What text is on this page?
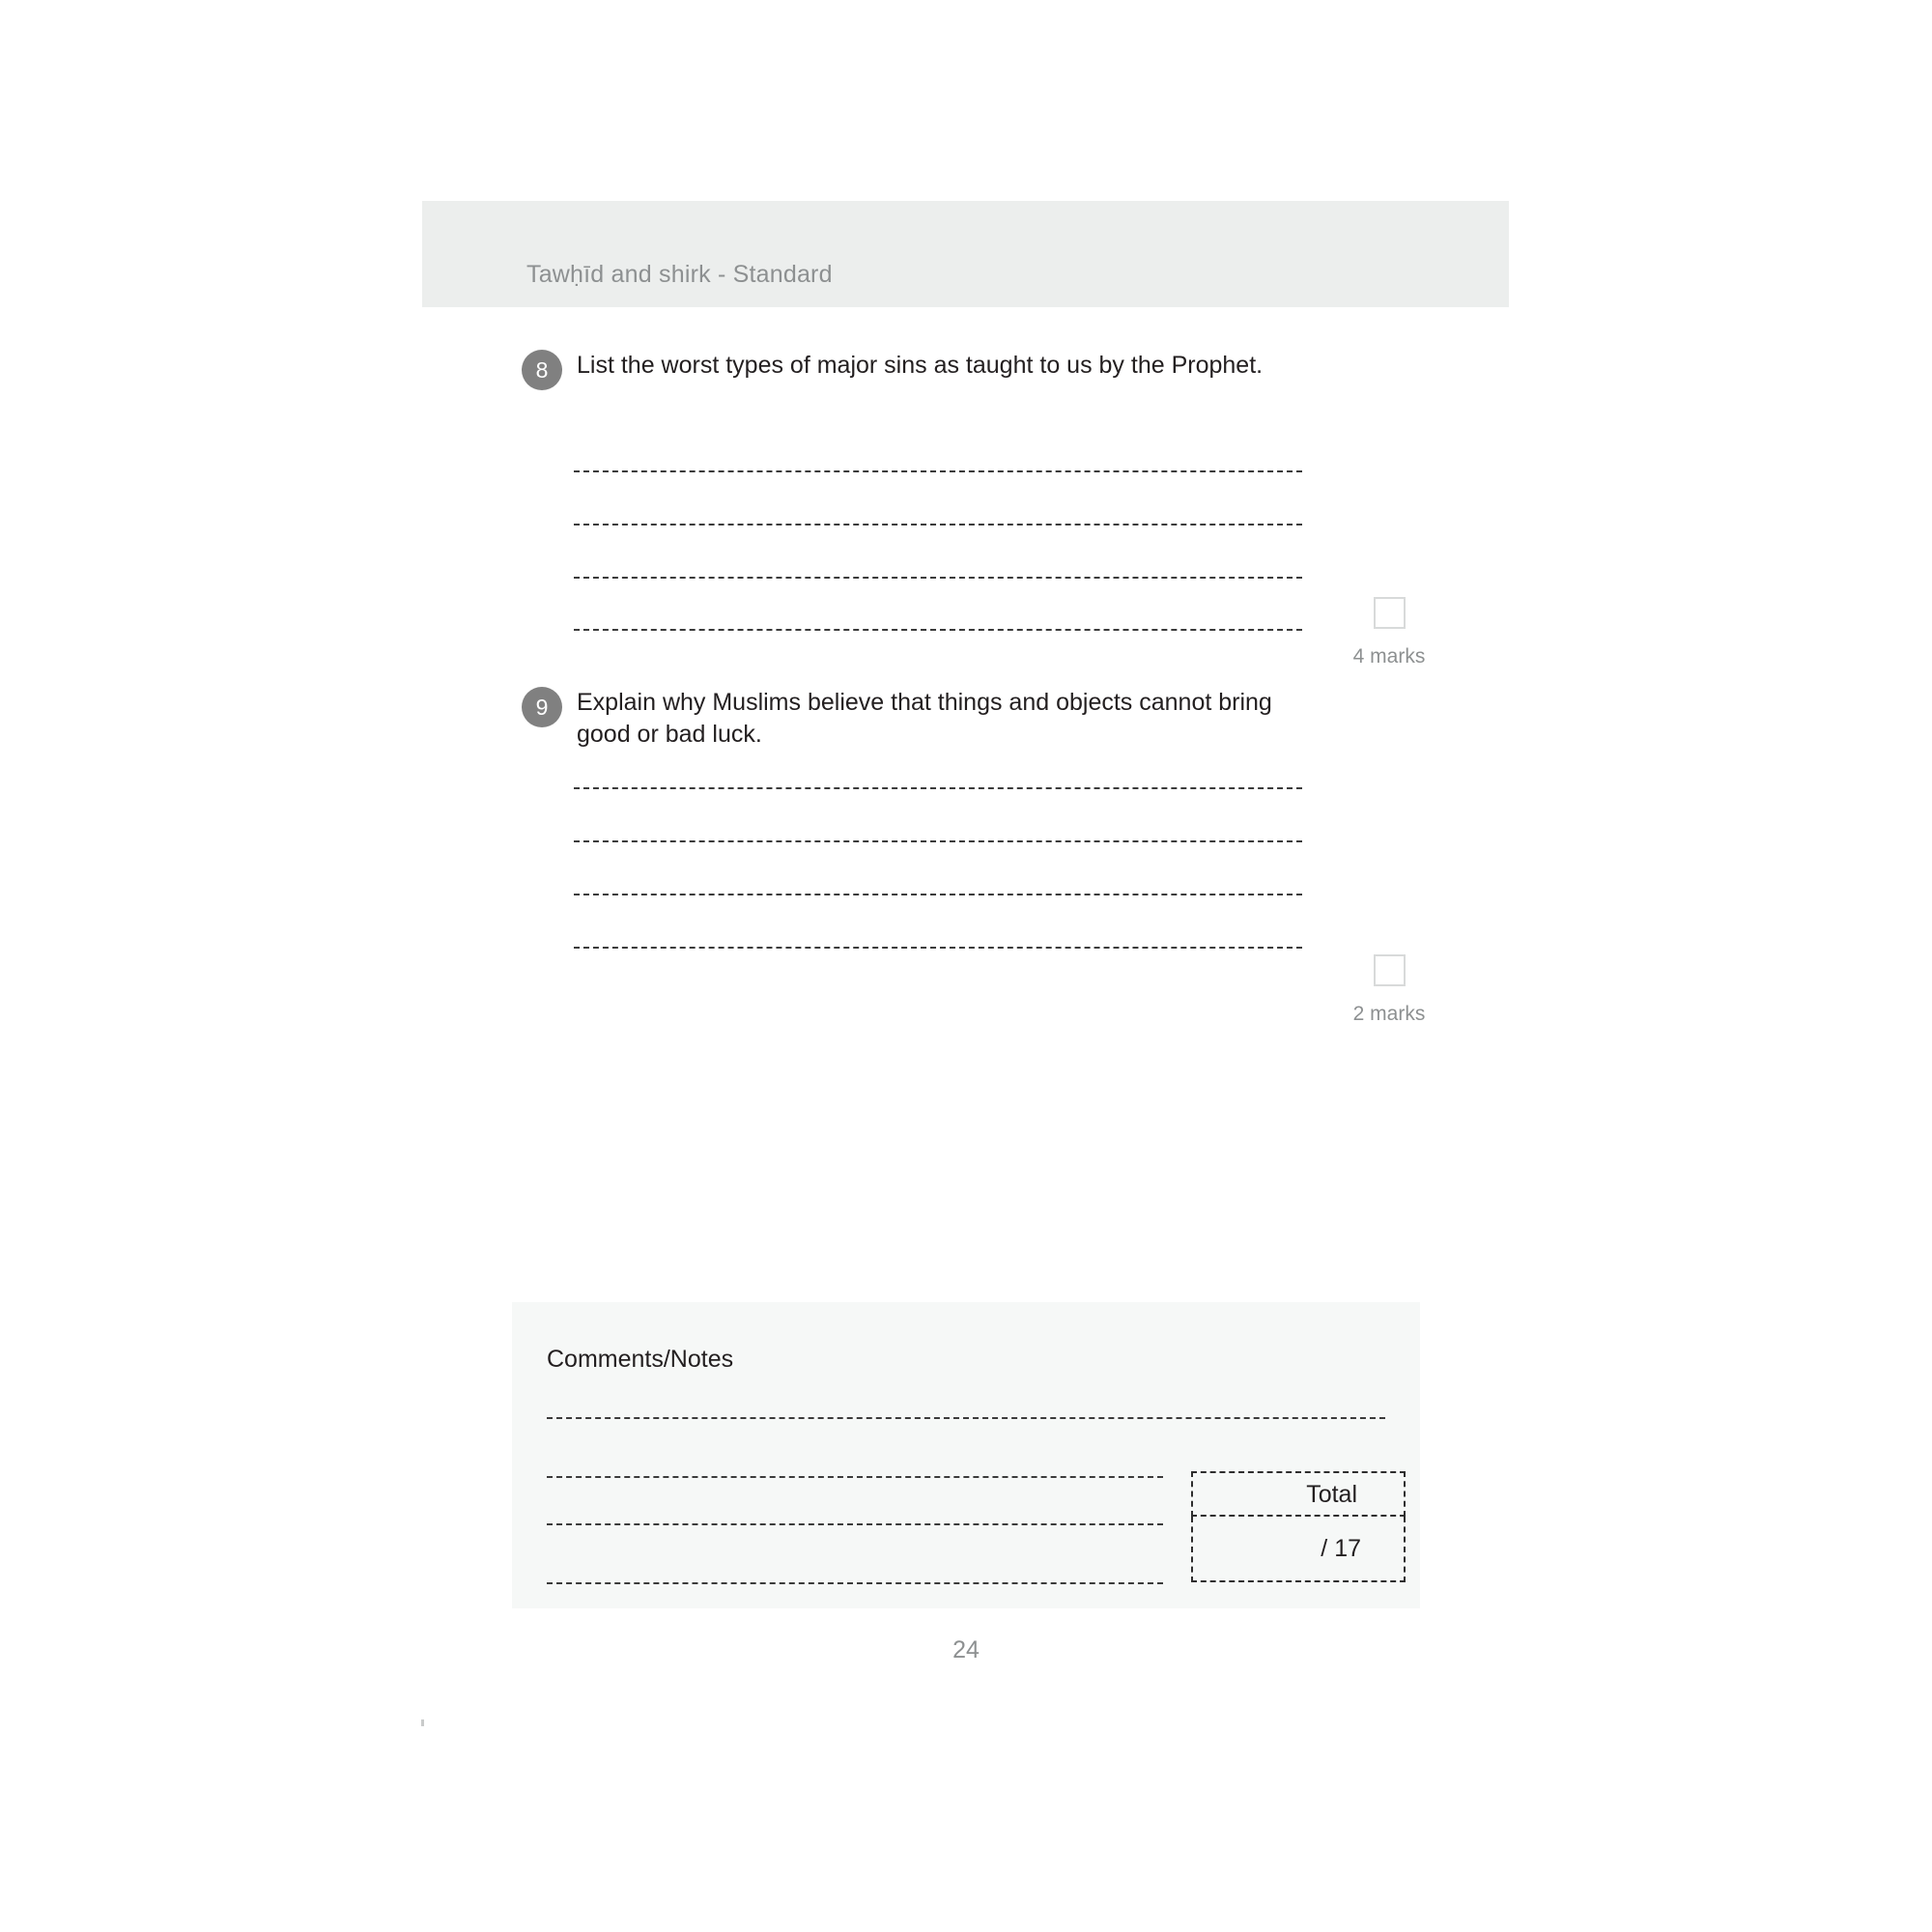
Tawḥīd and shirk - Standard
8	List the worst types of major sins as taught to us by the Prophet.
4 marks
9	Explain why Muslims believe that things and objects cannot bring good or bad luck.
2 marks
Comments/Notes
Total
/ 17
24
